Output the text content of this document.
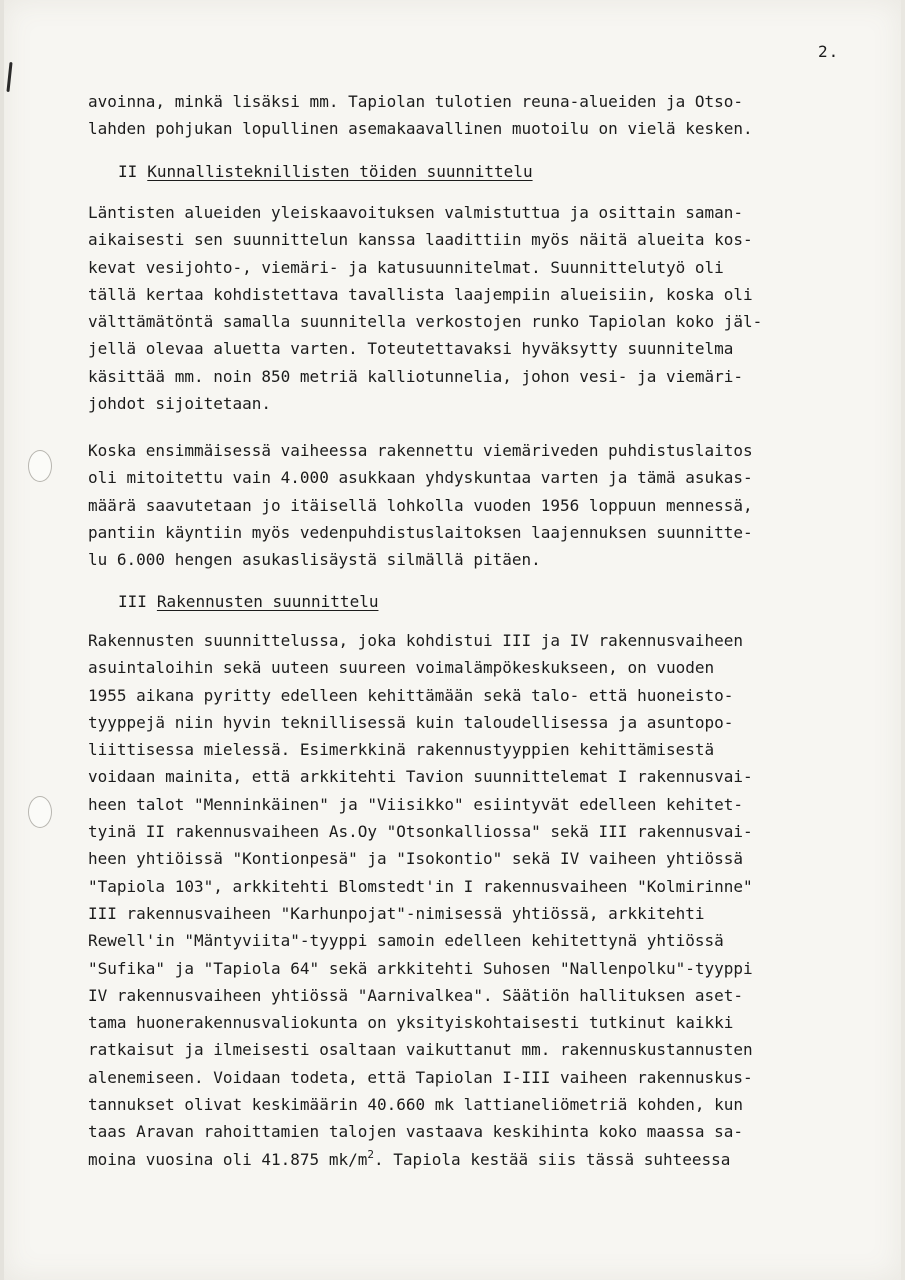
2.
avoinna, minkä lisäksi mm. Tapiolan tulotien reuna-alueiden ja Otso-
lahden pohjukan lopullinen asemakaavallinen muotoilu on vielä kesken.
II Kunnallisteknillisten töiden suunnittelu
Läntisten alueiden yleiskaavoituksen valmistuttua ja osittain saman-
aikaisesti sen suunnittelun kanssa laadittiin myös näitä alueita kos-
kevat vesijohto-, viemäri- ja katusuunnitelmat. Suunnittelutyö oli
tällä kertaa kohdistettava tavallista laajempiin alueisiin, koska oli
välttämätöntä samalla suunnitella verkostojen runko Tapiolan koko jäl-
jellä olevaa aluetta varten. Toteutettavaksi hyväksytty suunnitelma
käsittää mm. noin 850 metriä kalliotunnelia, johon vesi- ja viemäri-
johdot sijoitetaan.
Koska ensimmäisessä vaiheessa rakennettu viemäriveden puhdistuslaitos
oli mitoitettu vain 4.000 asukkaan yhdyskuntaa varten ja tämä asukas-
määrä saavutetaan jo itäisellä lohkolla vuoden 1956 loppuun mennessä,
pantiin käyntiin myös vedenpuhdistuslaitoksen laajennuksen suunnitte-
lu 6.000 hengen asukaslisäystä silmällä pitäen.
III Rakennusten suunnittelu
Rakennusten suunnittelussa, joka kohdistui III ja IV rakennusvaiheen
asuintaloihin sekä uuteen suureen voimalämpökeskukseen, on vuoden
1955 aikana pyritty edelleen kehittämään sekä talo- että huoneisto-
tyyppejä niin hyvin teknillisessä kuin taloudellisessa ja asuntopo-
liittisessa mielessä. Esimerkkinä rakennustyyppien kehittämisestä
voidaan mainita, että arkkitehti Tavion suunnittelemat I rakennusvai-
heen talot "Menninkäinen" ja "Viisikko" esiintyvät edelleen kehitet-
tyinä II rakennusvaiheen As.Oy "Otsonkalliossa" sekä III rakennusvai-
heen yhtiöissä "Kontionpesä" ja "Isokontio" sekä IV vaiheen yhtiössä
"Tapiola 103", arkkitehti Blomstedt'in I rakennusvaiheen "Kolmirinne"
III rakennusvaiheen "Karhunpojat"-nimisessä yhtiössä, arkkitehti
Rewell'in "Mäntyviita"-tyyppi samoin edelleen kehitettynä yhtiössä
"Sufika" ja "Tapiola 64" sekä arkkitehti Suhosen "Nallenpolku"-tyyppi
IV rakennusvaiheen yhtiössä "Aarnivalkea". Säätiön hallituksen aset-
tama huonerakennusvaliokunta on yksityiskohtaisesti tutkinut kaikki
ratkaisut ja ilmeisesti osaltaan vaikuttanut mm. rakennuskustannusten
alenemiseen. Voidaan todeta, että Tapiolan I-III vaiheen rakennuskus-
tannukset olivat keskimäärin 40.660 mk lattianeliömetriä kohden, kun
taas Aravan rahoittamien talojen vastaava keskihinta koko maassa sa-
moina vuosina oli 41.875 $mk/m^2$. Tapiola kestää siis tässä suhteessa
